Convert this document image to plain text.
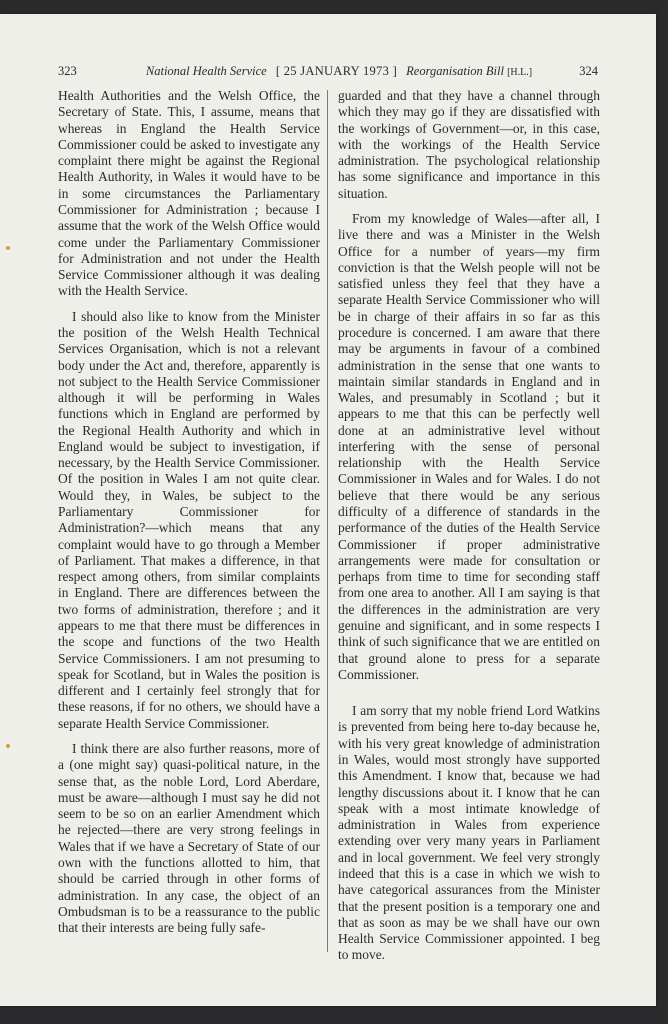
323	National Health Service [ 25 JANUARY 1973 ] Reorganisation Bill [H.L.]	324

Health Authorities and the Welsh Office, the Secretary of State. This, I assume, means that whereas in England the Health Service Commissioner could be asked to investigate any complaint there might be against the Regional Health Authority, in Wales it would have to be in some circumstances the Parliamentary Commissioner for Administration ; because I assume that the work of the Welsh Office would come under the Parliamentary Commissioner for Administration and not under the Health Service Commissioner although it was dealing with the Health Service.

I should also like to know from the Minister the position of the Welsh Health Technical Services Organisation, which is not a relevant body under the Act and, therefore, apparently is not subject to the Health Service Commissioner although it will be performing in Wales functions which in England are performed by the Regional Health Authority and which in England would be subject to investigation, if necessary, by the Health Service Commissioner. Of the position in Wales I am not quite clear. Would they, in Wales, be subject to the Parliamentary Commissioner for Administration?—which means that any complaint would have to go through a Member of Parliament. That makes a difference, in that respect among others, from similar complaints in England. There are differences between the two forms of administration, therefore ; and it appears to me that there must be differences in the scope and functions of the two Health Service Commissioners. I am not presuming to speak for Scotland, but in Wales the position is different and I certainly feel strongly that for these reasons, if for no others, we should have a separate Health Service Commissioner.

I think there are also further reasons, more of a (one might say) quasi-political nature, in the sense that, as the noble Lord, Lord Aberdare, must be aware—although I must say he did not seem to be so on an earlier Amendment which he rejected—there are very strong feelings in Wales that if we have a Secretary of State of our own with the functions allotted to him, that should be carried through in other forms of administration. In any case, the object of an Ombudsman is to be a reassurance to the public that their interests are being fully safe-

guarded and that they have a channel through which they may go if they are dissatisfied with the workings of Government—or, in this case, with the workings of the Health Service administration. The psychological relationship has some significance and importance in this situation.

From my knowledge of Wales—after all, I live there and was a Minister in the Welsh Office for a number of years—my firm conviction is that the Welsh people will not be satisfied unless they feel that they have a separate Health Service Commissioner who will be in charge of their affairs in so far as this procedure is concerned. I am aware that there may be arguments in favour of a combined administration in the sense that one wants to maintain similar standards in England and in Wales, and presumably in Scotland ; but it appears to me that this can be perfectly well done at an administrative level without interfering with the sense of personal relationship with the Health Service Commissioner in Wales and for Wales. I do not believe that there would be any serious difficulty of a difference of standards in the performance of the duties of the Health Service Commissioner if proper administrative arrangements were made for consultation or perhaps from time to time for seconding staff from one area to another. All I am saying is that the differences in the administration are very genuine and significant, and in some respects I think of such significance that we are entitled on that ground alone to press for a separate Commissioner.

I am sorry that my noble friend Lord Watkins is prevented from being here to-day because he, with his very great knowledge of administration in Wales, would most strongly have supported this Amendment. I know that, because we had lengthy discussions about it. I know that he can speak with a most intimate knowledge of administration in Wales from experience extending over very many years in Parliament and in local government. We feel very strongly indeed that this is a case in which we wish to have categorical assurances from the Minister that the present position is a temporary one and that as soon as may be we shall have our own Health Service Commissioner appointed. I beg to move.
